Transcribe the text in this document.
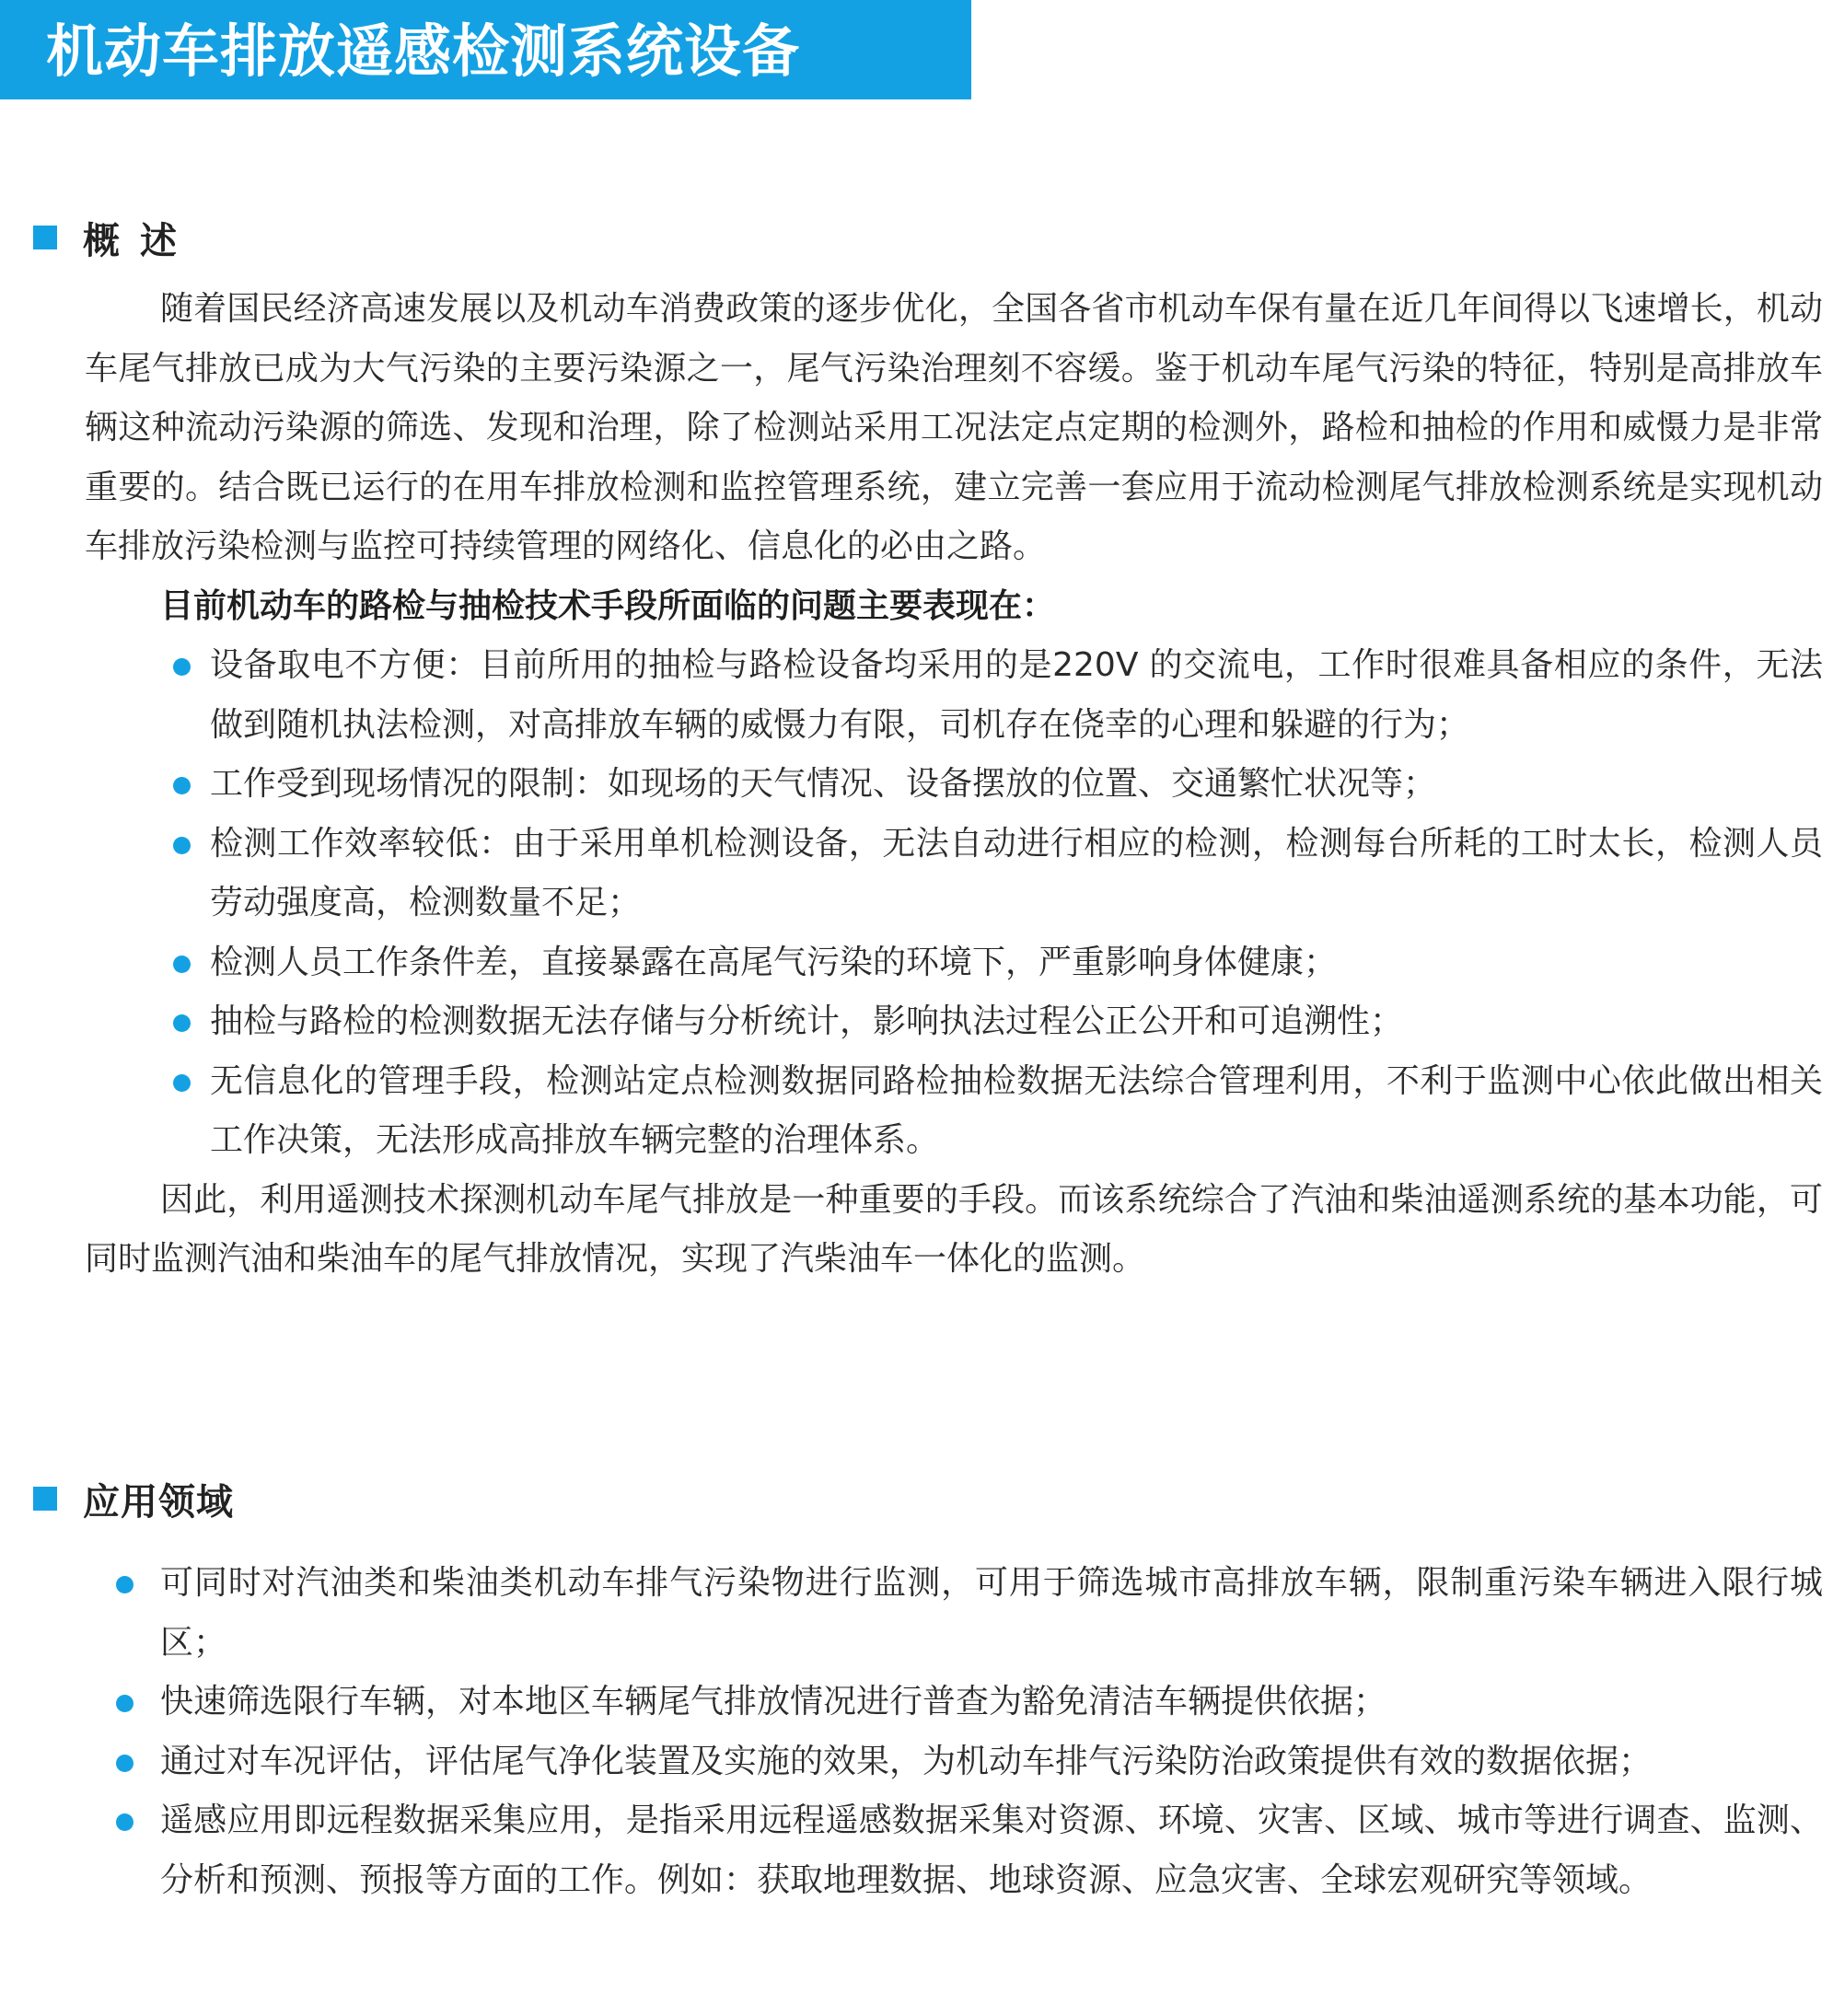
机动车排放遥感检测系统设备
概述

随着国民经济高速发展以及机动车消费政策的逐步优化，全国各省市机动车保有量在近几年间得以飞速增长，机动车尾气排放已成为大气污染的主要污染源之一，尾气污染治理刻不容缓。鉴于机动车尾气污染的特征，特别是高排放车辆这种流动污染源的筛选、发现和治理，除了检测站采用工况法定点定期的检测外，路检和抽检的作用和威慑力是非常重要的。结合既已运行的在用车排放检测和监控管理系统，建立完善一套应用于流动检测尾气排放检测系统是实现机动车排放污染检测与监控可持续管理的网络化、信息化的必由之路。

目前机动车的路检与抽检技术手段所面临的问题主要表现在：

设备取电不方便：目前所用的抽检与路检设备均采用的是220V 的交流电，工作时很难具备相应的条件，无法做到随机执法检测，对高排放车辆的威慑力有限，司机存在侥幸的心理和躲避的行为；
工作受到现场情况的限制：如现场的天气情况、设备摆放的位置、交通繁忙状况等；
检测工作效率较低：由于采用单机检测设备，无法自动进行相应的检测，检测每台所耗的工时太长，检测人员劳动强度高，检测数量不足；
检测人员工作条件差，直接暴露在高尾气污染的环境下，严重影响身体健康；
抽检与路检的检测数据无法存储与分析统计，影响执法过程公正公开和可追溯性；
无信息化的管理手段，检测站定点检测数据同路检抽检数据无法综合管理利用，不利于监测中心依此做出相关工作决策，无法形成高排放车辆完整的治理体系。

因此，利用遥测技术探测机动车尾气排放是一种重要的手段。而该系统综合了汽油和柴油遥测系统的基本功能，可同时监测汽油和柴油车的尾气排放情况，实现了汽柴油车一体化的监测。

应用领域
可同时对汽油类和柴油类机动车排气污染物进行监测，可用于筛选城市高排放车辆，限制重污染车辆进入限行城区；
快速筛选限行车辆，对本地区车辆尾气排放情况进行普查为豁免清洁车辆提供依据；
通过对车况评估，评估尾气净化装置及实施的效果，为机动车排气污染防治政策提供有效的数据依据；
遥感应用即远程数据采集应用，是指采用远程遥感数据采集对资源、环境、灾害、区域、城市等进行调查、监测、分析和预测、预报等方面的工作。例如：获取地理数据、地球资源、应急灾害、全球宏观研究等领域。
